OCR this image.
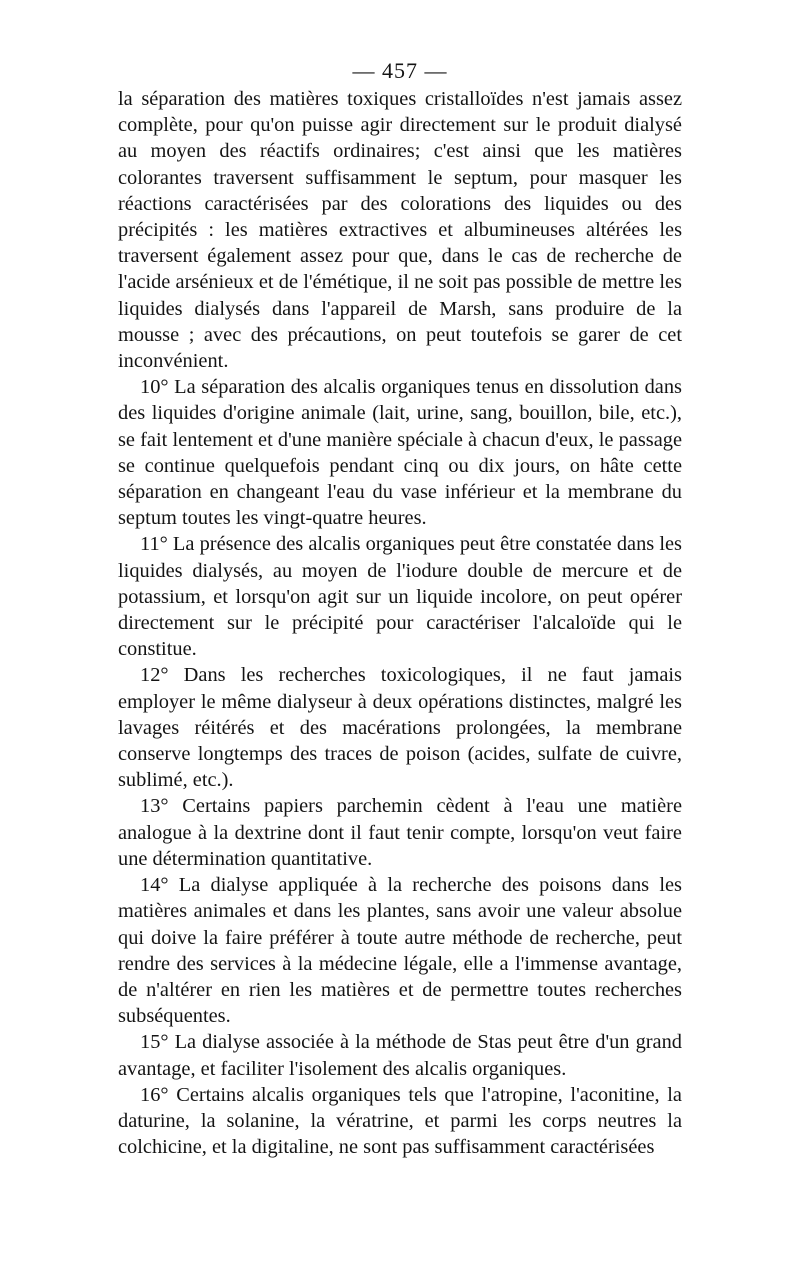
— 457 —

la séparation des matières toxiques cristalloïdes n'est jamais assez complète, pour qu'on puisse agir directement sur le produit dialysé au moyen des réactifs ordinaires; c'est ainsi que les matières colorantes traversent suffisamment le septum, pour masquer les réactions caractérisées par des colorations des liquides ou des précipités : les matières extractives et albumineuses altérées les traversent également assez pour que, dans le cas de recherche de l'acide arsénieux et de l'émétique, il ne soit pas possible de mettre les liquides dialysés dans l'appareil de Marsh, sans produire de la mousse ; avec des précautions, on peut toutefois se garer de cet inconvénient.

10° La séparation des alcalis organiques tenus en dissolution dans des liquides d'origine animale (lait, urine, sang, bouillon, bile, etc.), se fait lentement et d'une manière spéciale à chacun d'eux, le passage se continue quelquefois pendant cinq ou dix jours, on hâte cette séparation en changeant l'eau du vase inférieur et la membrane du septum toutes les vingt-quatre heures.

11° La présence des alcalis organiques peut être constatée dans les liquides dialysés, au moyen de l'iodure double de mercure et de potassium, et lorsqu'on agit sur un liquide incolore, on peut opérer directement sur le précipité pour caractériser l'alcaloïde qui le constitue.

12° Dans les recherches toxicologiques, il ne faut jamais employer le même dialyseur à deux opérations distinctes, malgré les lavages réitérés et des macérations prolongées, la membrane conserve longtemps des traces de poison (acides, sulfate de cuivre, sublimé, etc.).

13° Certains papiers parchemin cèdent à l'eau une matière analogue à la dextrine dont il faut tenir compte, lorsqu'on veut faire une détermination quantitative.

14° La dialyse appliquée à la recherche des poisons dans les matières animales et dans les plantes, sans avoir une valeur absolue qui doive la faire préférer à toute autre méthode de recherche, peut rendre des services à la médecine légale, elle a l'immense avantage, de n'altérer en rien les matières et de permettre toutes recherches subséquentes.

15° La dialyse associée à la méthode de Stas peut être d'un grand avantage, et faciliter l'isolement des alcalis organiques.

16° Certains alcalis organiques tels que l'atropine, l'aconitine, la daturine, la solanine, la vératrine, et parmi les corps neutres la colchicine, et la digitaline, ne sont pas suffisamment caractérisées
